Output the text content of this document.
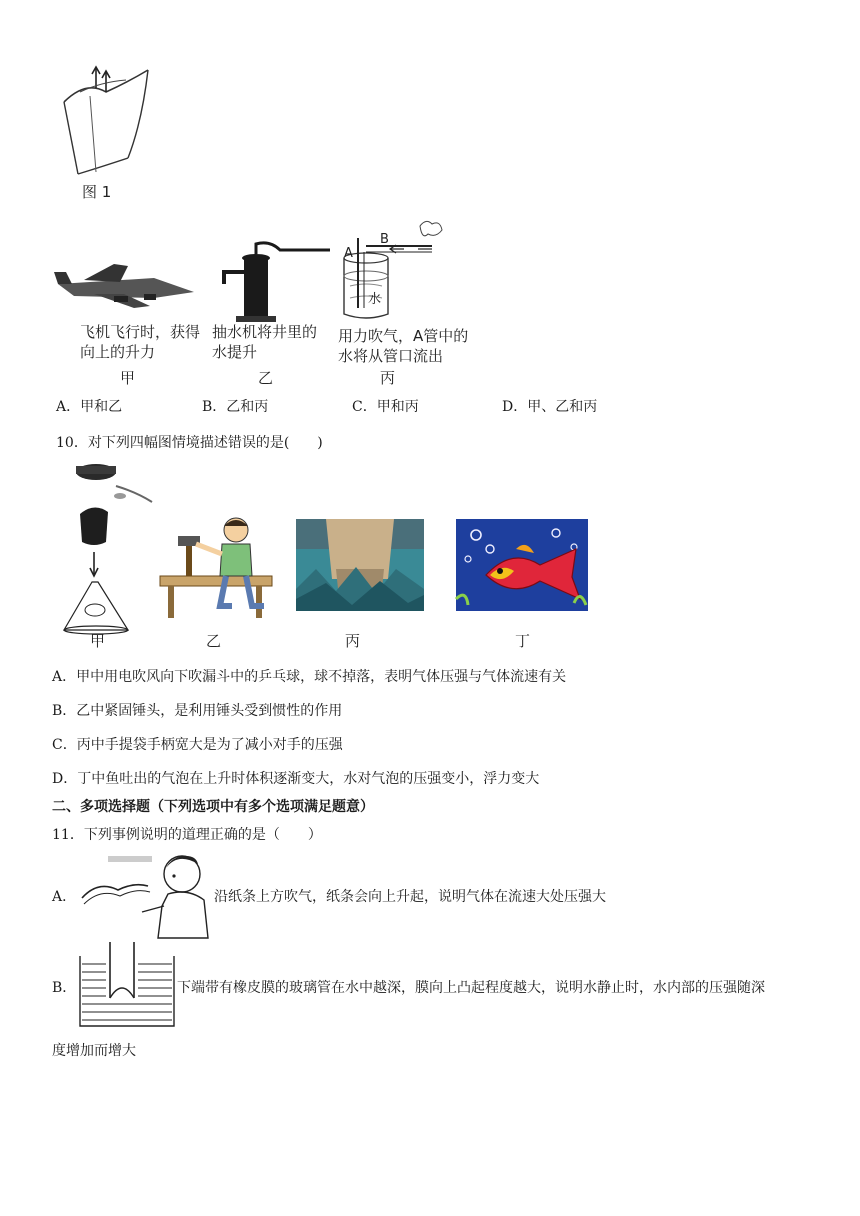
图 1
飞机飞行时，获得
向上的升力
甲
抽水机将井里的
水提升
乙
A
B
水
用力吹气，A管中的
水将从管口流出
丙
A．甲和乙	B．乙和丙	C．甲和丙	D．甲、乙和丙
10．对下列四幅图情境描述错误的是(　　)
甲	乙	丙	丁
A．甲中用电吹风向下吹漏斗中的乒乓球，球不掉落，表明气体压强与气体流速有关
B．乙中紧固锤头，是利用锤头受到惯性的作用
C．丙中手提袋手柄宽大是为了减小对手的压强
D．丁中鱼吐出的气泡在上升时体积逐渐变大，水对气泡的压强变小，浮力变大
二、多项选择题（下列选项中有多个选项满足题意）
11．下列事例说明的道理正确的是（　　）
A．	沿纸条上方吹气，纸条会向上升起，说明气体在流速大处压强大
B．	下端带有橡皮膜的玻璃管在水中越深，膜向上凸起程度越大，说明水静止时，水内部的压强随深
度增加而增大
